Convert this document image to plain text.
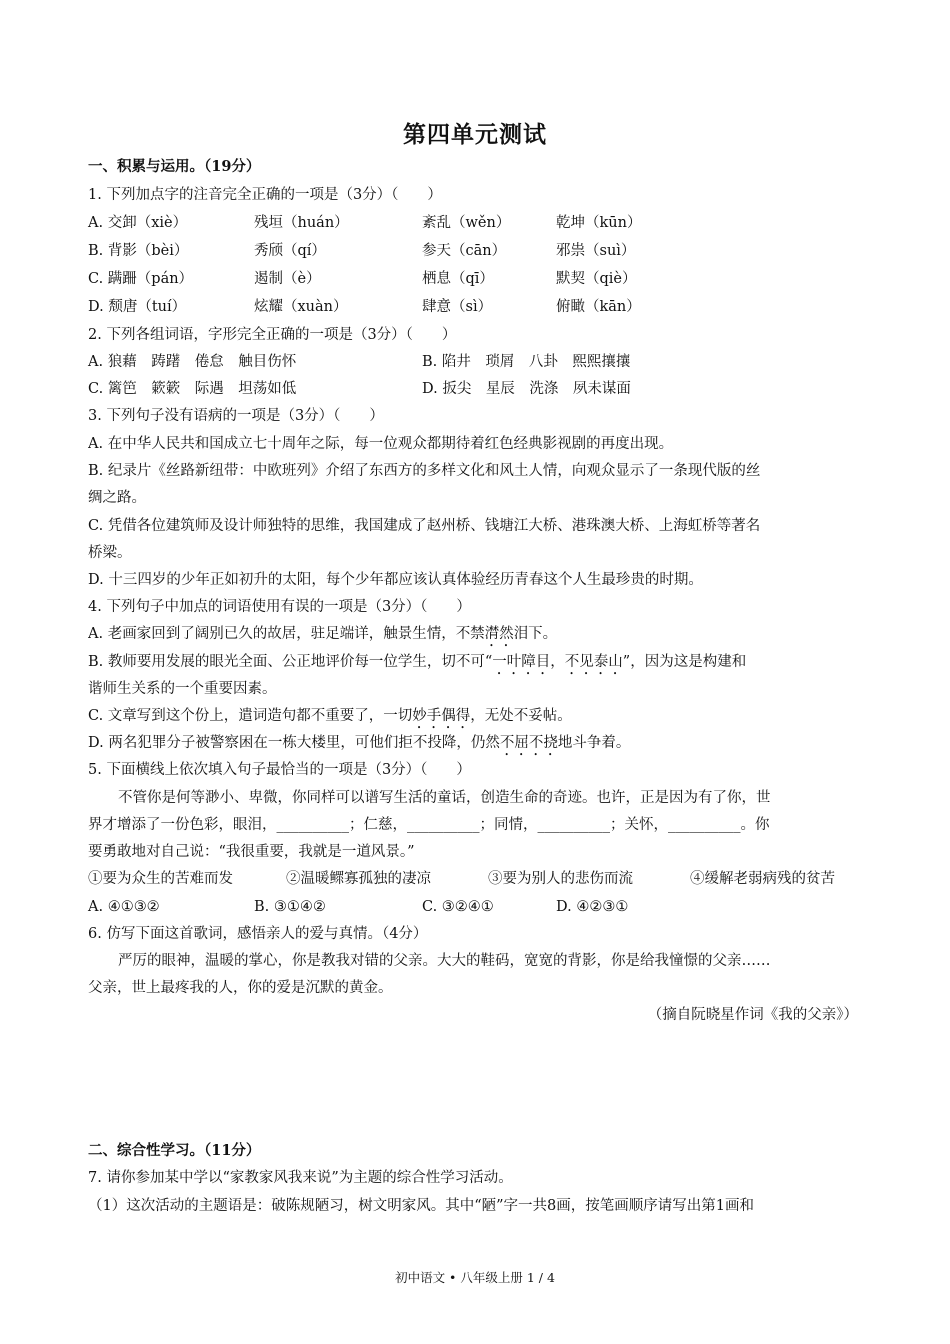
第四单元测试
一、积累与运用。（19分）
1. 下列加点字的注音完全正确的一项是（3分）（　　）
A. 交卸（xiè）	残垣（huán）	紊乱（wěn）	乾坤（kūn）
B. 背影（bèi）	秀颀（qí）	参天（cān）	邪祟（suì）
C. 蹒跚（pán）	遏制（è）	栖息（qī）	默契（qiè）
D. 颓唐（tuí）	炫耀（xuàn）	肆意（sì）	俯瞰（kān）
2. 下列各组词语，字形完全正确的一项是（3分）（　　）
A. 狼藉　踌躇　倦怠　触目伤怀	B. 陷井　琐屑　八卦　熙熙攘攘
C. 篱笆　簌簌　际遇　坦荡如低	D. 扳尖　星辰　洗涤　夙未谋面
3. 下列句子没有语病的一项是（3分）（　　）
A. 在中华人民共和国成立七十周年之际，每一位观众都期待着红色经典影视剧的再度出现。
B. 纪录片《丝路新纽带：中欧班列》介绍了东西方的多样文化和风土人情，向观众显示了一条现代版的丝
绸之路。
C. 凭借各位建筑师及设计师独特的思维，我国建成了赵州桥、钱塘江大桥、港珠澳大桥、上海虹桥等著名
桥梁。
D. 十三四岁的少年正如初升的太阳，每个少年都应该认真体验经历青春这个人生最珍贵的时期。
4. 下列句子中加点的词语使用有误的一项是（3分）（　　）
A. 老画家回到了阔别已久的故居，驻足端详，触景生情，不禁潸然泪下。
B. 教师要用发展的眼光全面、公正地评价每一位学生，切不可“一叶障目，不见泰山”，因为这是构建和
谐师生关系的一个重要因素。
C. 文章写到这个份上，遣词造句都不重要了，一切妙手偶得，无处不妥帖。
D. 两名犯罪分子被警察困在一栋大楼里，可他们拒不投降，仍然不屈不挠地斗争着。
5. 下面横线上依次填入句子最恰当的一项是（3分）（　　）
不管你是何等渺小、卑微，你同样可以谱写生活的童话，创造生命的奇迹。也许，正是因为有了你，世
界才增添了一份色彩，眼泪，__________；仁慈，__________；同情，__________；关怀，__________。你
要勇敢地对自己说：“我很重要，我就是一道风景。”
①要为众生的苦难而发	②温暖鳏寡孤独的凄凉	③要为别人的悲伤而流	④缓解老弱病残的贫苦
A. ④①③②	B. ③①④②	C. ③②④①	D. ④②③①
6. 仿写下面这首歌词，感悟亲人的爱与真情。（4分）
严厉的眼神，温暖的掌心，你是教我对错的父亲。大大的鞋码，宽宽的背影，你是给我憧憬的父亲……
父亲，世上最疼我的人，你的爱是沉默的黄金。
（摘自阮晓星作词《我的父亲》）
二、综合性学习。（11分）
7. 请你参加某中学以“家教家风我来说”为主题的综合性学习活动。
（1）这次活动的主题语是：破陈规陋习，树文明家风。其中“陋”字一共8画，按笔画顺序请写出第1画和
初中语文 • 八年级上册 1 / 4
